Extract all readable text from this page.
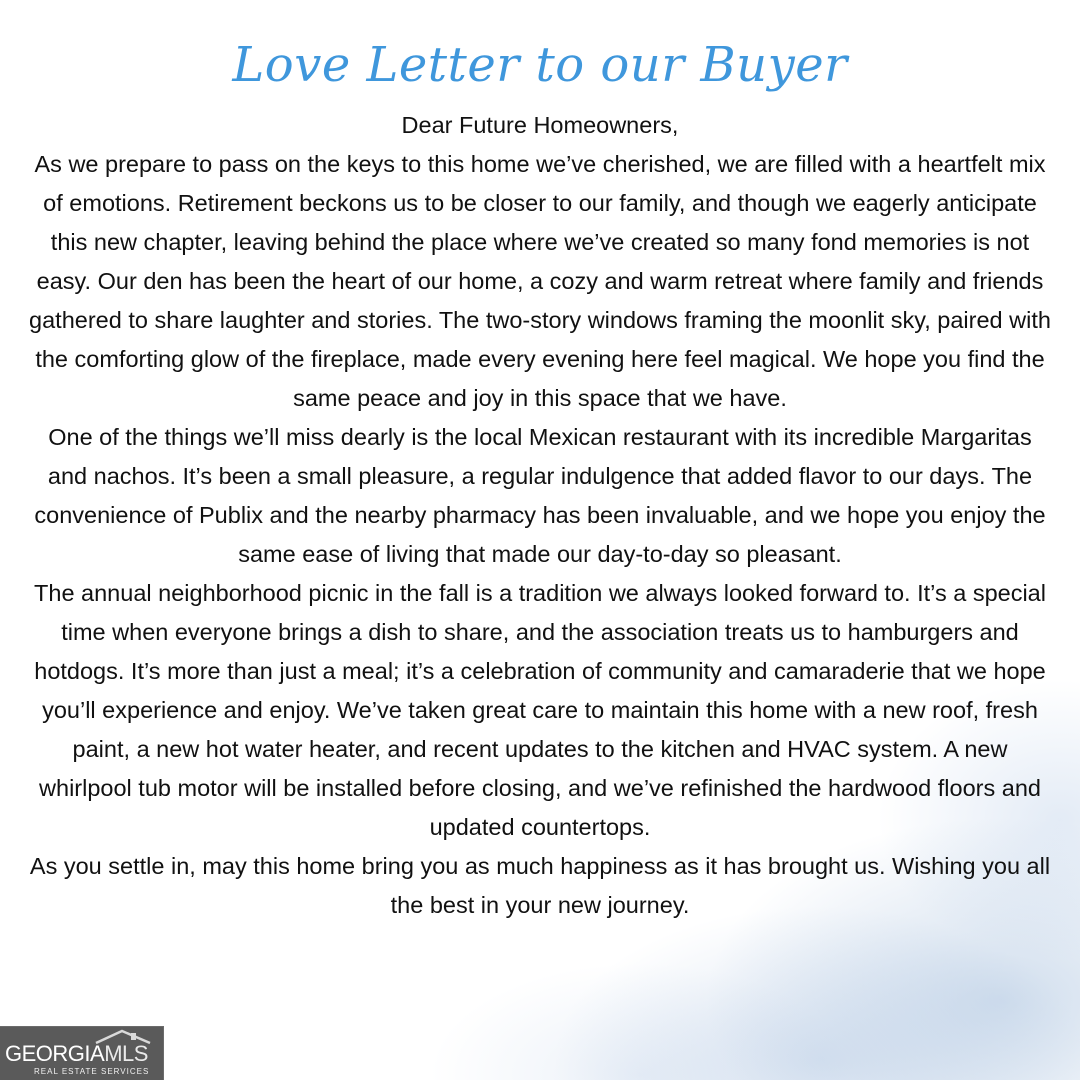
Love Letter to our Buyer

Dear Future Homeowners,

As we prepare to pass on the keys to this home we’ve cherished, we are filled with a heartfelt mix of emotions. Retirement beckons us to be closer to our family, and though we eagerly anticipate this new chapter, leaving behind the place where we’ve created so many fond memories is not easy. Our den has been the heart of our home, a cozy and warm retreat where family and friends gathered to share laughter and stories. The two-story windows framing the moonlit sky, paired with the comforting glow of the fireplace, made every evening here feel magical. We hope you find the same peace and joy in this space that we have.

One of the things we’ll miss dearly is the local Mexican restaurant with its incredible Margaritas and nachos. It’s been a small pleasure, a regular indulgence that added flavor to our days. The convenience of Publix and the nearby pharmacy has been invaluable, and we hope you enjoy the same ease of living that made our day-to-day so pleasant.

The annual neighborhood picnic in the fall is a tradition we always looked forward to. It’s a special time when everyone brings a dish to share, and the association treats us to hamburgers and hotdogs. It’s more than just a meal; it’s a celebration of community and camaraderie that we hope you’ll experience and enjoy. We’ve taken great care to maintain this home with a new roof, fresh paint, a new hot water heater, and recent updates to the kitchen and HVAC system. A new whirlpool tub motor will be installed before closing, and we’ve refinished the hardwood floors and updated countertops.

As you settle in, may this home bring you as much happiness as it has brought us. Wishing you all the best in your new journey.

GEORGIAMLS
REAL ESTATE SERVICES
